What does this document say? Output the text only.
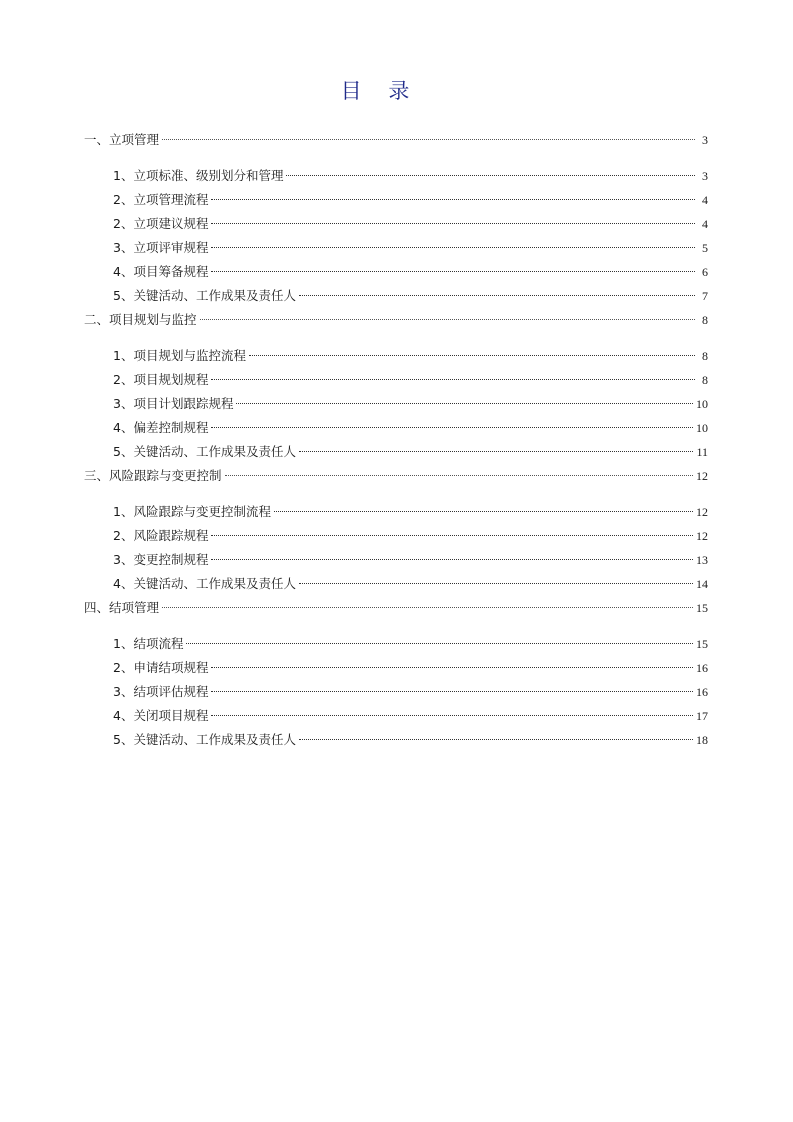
目 录
一、立项管理	3
1、立项标准、级别划分和管理	3
2、立项管理流程	4
2、立项建议规程	4
3、立项评审规程	5
4、项目筹备规程	6
5、关键活动、工作成果及责任人	7
二、项目规划与监控	8
1、项目规划与监控流程	8
2、项目规划规程	8
3、项目计划跟踪规程	10
4、偏差控制规程	10
5、关键活动、工作成果及责任人	11
三、风险跟踪与变更控制	12
1、风险跟踪与变更控制流程	12
2、风险跟踪规程	12
3、变更控制规程	13
4、关键活动、工作成果及责任人	14
四、结项管理	15
1、结项流程	15
2、申请结项规程	16
3、结项评估规程	16
4、关闭项目规程	17
5、关键活动、工作成果及责任人	18
